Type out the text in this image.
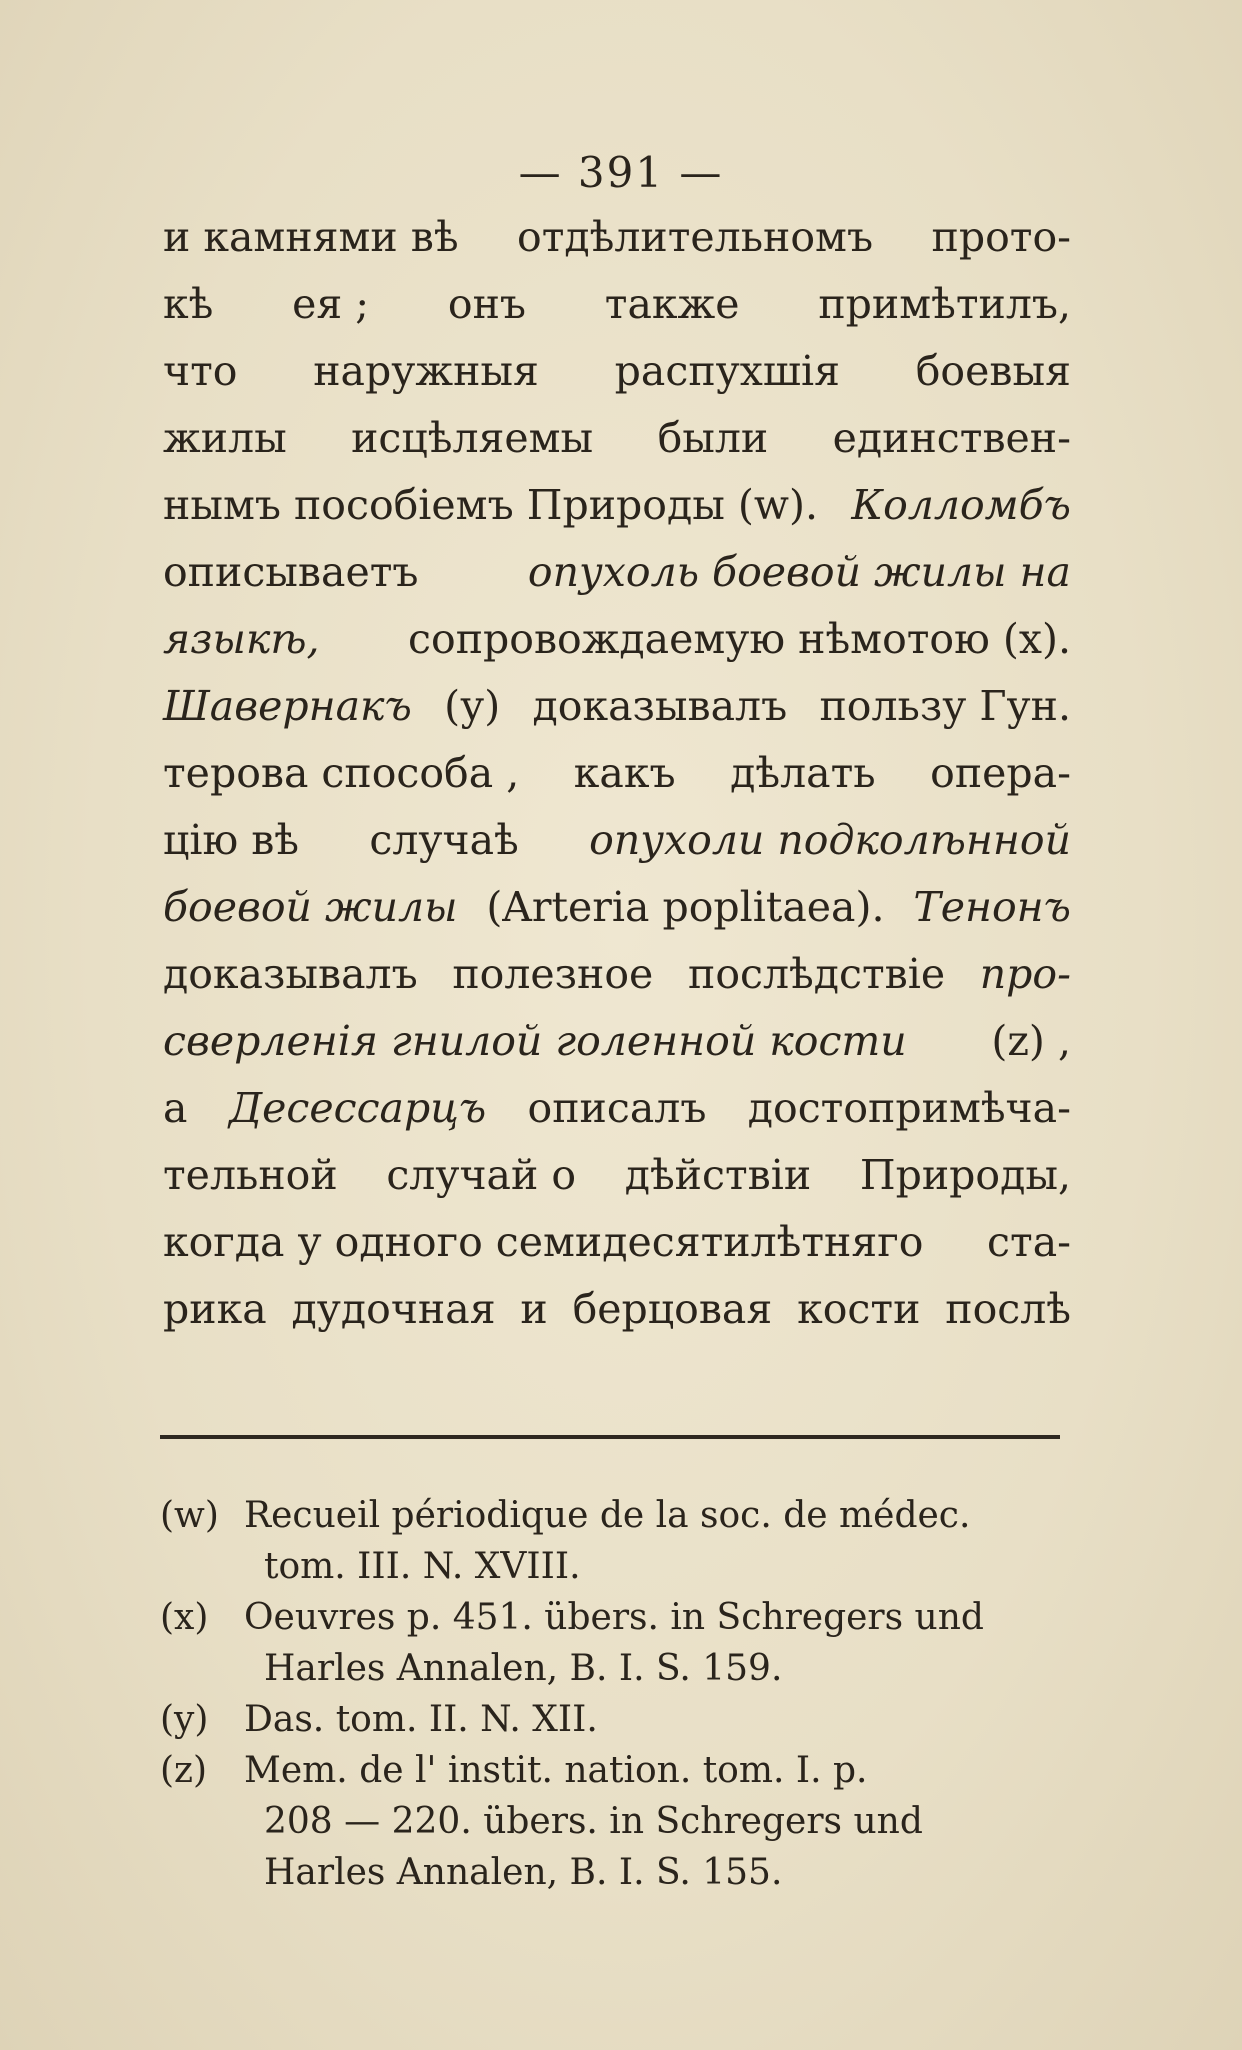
— 391 —
и камнями вѣ отдѣлительномъ прото-
кѣ ея ; онъ также примѣтилъ,
что наружныя распухшія боевыя
жилы исцѣляемы были единствен-
нымъ пособіемъ Природы (w). Колломбъ
описываетъ	опухоль боевой жилы на
языкѣ, сопровождаемую нѣмотою (x).
Шавернакъ (у) доказывалъ пользу Гун.
терова способа , какъ дѣлать опера-
цію вѣ случаѣ опухоли подколѣнной
боевой жилы (Arteria poplitaea). Тенонъ
доказывалъ полезное послѣдствіе про-
сверленія гнилой голенной кости (z) ,
а Десессарцъ описалъ достопримѣча-
тельной случай о дѣйствіи Природы,
когда у одного семидесятилѣтняго ста-
рика дудочная и берцовая кости послѣ
(w) Recueil périodique de la soc. de médec.
tom. III. N. XVIII.
(x) Oeuvres p. 451. übers. in Schregers und
Harles Annalen, B. I. S. 159.
(y) Das. tom. II. N. XII.
(z)	Mem. de l' instit. nation. tom. I. p.
208 — 220. übers. in Schregers und
Harles Annalen, B. I. S. 155.
